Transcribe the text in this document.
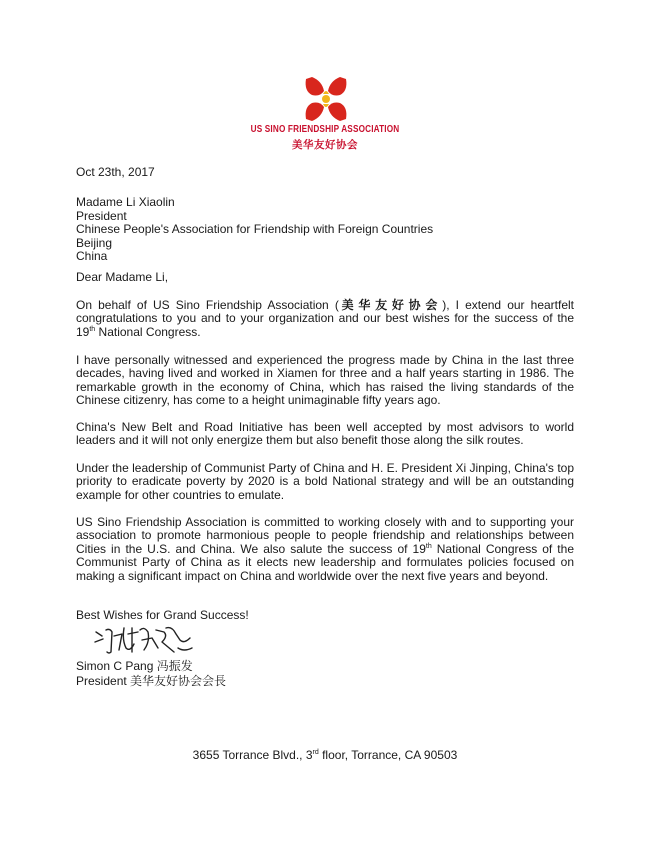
US SINO FRIENDSHIP ASSOCIATION
美华友好协会

Oct 23th, 2017

Madame Li Xiaolin
President
Chinese People's Association for Friendship with Foreign Countries
Beijing
China

Dear Madame Li,

On behalf of US Sino Friendship Association (美华友好协会), I extend our heartfelt congratulations to you and to your organization and our best wishes for the success of the 19th National Congress.

I have personally witnessed and experienced the progress made by China in the last three decades, having lived and worked in Xiamen for three and a half years starting in 1986. The remarkable growth in the economy of China, which has raised the living standards of the Chinese citizenry, has come to a height unimaginable fifty years ago.

China's New Belt and Road Initiative has been well accepted by most advisors to world leaders and it will not only energize them but also benefit those along the silk routes.

Under the leadership of Communist Party of China and H. E. President Xi Jinping, China's top priority to eradicate poverty by 2020 is a bold National strategy and will be an outstanding example for other countries to emulate.

US Sino Friendship Association is committed to working closely with and to supporting your association to promote harmonious people to people friendship and relationships between Cities in the U.S. and China. We also salute the success of 19th National Congress of the Communist Party of China as it elects new leadership and formulates policies focused on making a significant impact on China and worldwide over the next five years and beyond.

Best Wishes for Grand Success!

Simon C Pang 冯振发

President 美华友好协会会長

3655 Torrance Blvd., 3rd floor, Torrance, CA 90503
